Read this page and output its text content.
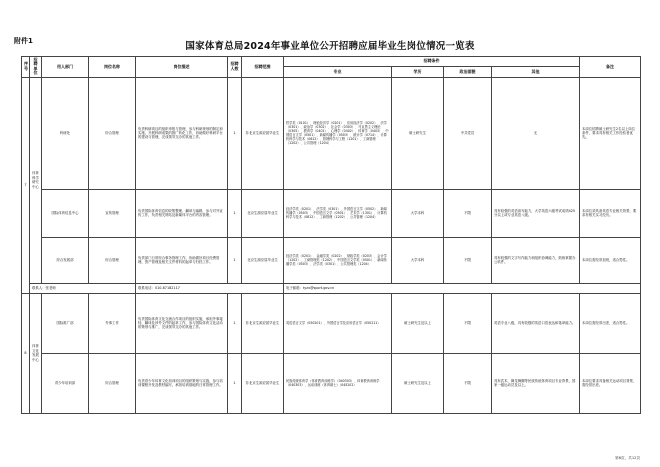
附件1	国家体育总局2024年事业单位公开招聘应届毕业生岗位情况一览表
序号	招聘单位	用人部门	岗位名称	岗位描述	招聘人数	招聘范围	招聘条件				备注
							专业	学历	政治面貌	其他	
7	体育科学研究中心	科研处	综合管理	负责科研项目的组织申报与管理，参与科研规划的制定和实施，开展科研成果的推广转化工作，协助做好科研平台的建设与管理，完成领导交办的其他工作。	1	非北京生源应届毕业生	哲学类（0101）、理论经济学（0201）、应用经济学（0202）、法学（0301）、政治学（0302）、社会学（0303）、马克思主义理论（0305）、教育学（0401）、心理学（0402）、体育学（0403）、中国语言文学（0501）、新闻传播学（0503）、统计学（0714）、计算机科学与技术（0812）、管理科学与工程（1201）、工商管理（1202）、公共管理（1204）	硕士研究生	中共党员	无	本岗位招聘硕士研究生2名以上岗位条件，要求具有相关工作经验者优先。
		国际体育信息中心	宣传管理	负责国际体育信息的收集整理、翻译与编辑，参与对外宣传工作，负责相关网站及新媒体平台的内容管理。	1	北京生源应届毕业生	经济学类（0201）、法学类（0301）、外国语言文学（0502）、新闻传播学（0503）、中国语言文学（0501）、艺术学（1301）、计算机科学与技术（0812）、工商管理（1202）、公共管理（1204）	大学本科	不限	具有较强的英语读写能力，大学英语六级考试成绩425分以上或专业英语八级。	本岗位须具备英语专业相关背景，要求有相关实习经历。
		综合发展部	综合管理	负责部门日常综合事务管理工作，协助做好项目经费管理、资产管理及相关文件材料的起草与归档工作。	1	北京生源应届毕业生	经济学类（0201）、金融学类（0202）、财政学类（0203）、会计学（1202）、工商管理类（1202）、中国语言文学类（0501）、新闻传播学类（0503）、法学类（0301）、公共管理类（1204）	大学本科	不限	具有较强的文字写作能力和组织协调能力，熟练掌握办公软件。	本岗位需经常加班，适合男性。
	联系人：张老师			联系电话：010-87182117			电子邮箱：tyzx@sport.gov.cn				
8	体育文化发展中心	国际推广部	外事工作	负责国际体育文化交流合作项目的组织实施，承担外事接待、翻译及涉外文件的起草工作，参与国际体育文化活动的策划与推广，完成领导交办的其他工作。	1	非北京生源应届毕业生	英语语言文学（050201）、外国语言学及应用语言学（050211）	硕士研究生及以上	不限	英语专业八级，具有较强的英语口语表达和笔译能力。	本岗位需经常出差，适合男性。
		青少年培训部	综合管理	负责青少年体育文化培训项目的组织策划与实施，参与培训课程开发及教材编写，承担培训基地的日常管理工作。	1	非北京生源应届毕业生	民族传统体育学（体育教育训练学）（040303）、体育教育训练学（040303）、运动训练（体育硕士）（045202）	硕士研究生及以上	不限	具有武术、舞龙舞狮等民族传统体育项目专业背景，国家一级运动员及以上。	本岗位要求具备相关运动项目背景，需经常出差。
第6页，共12页
